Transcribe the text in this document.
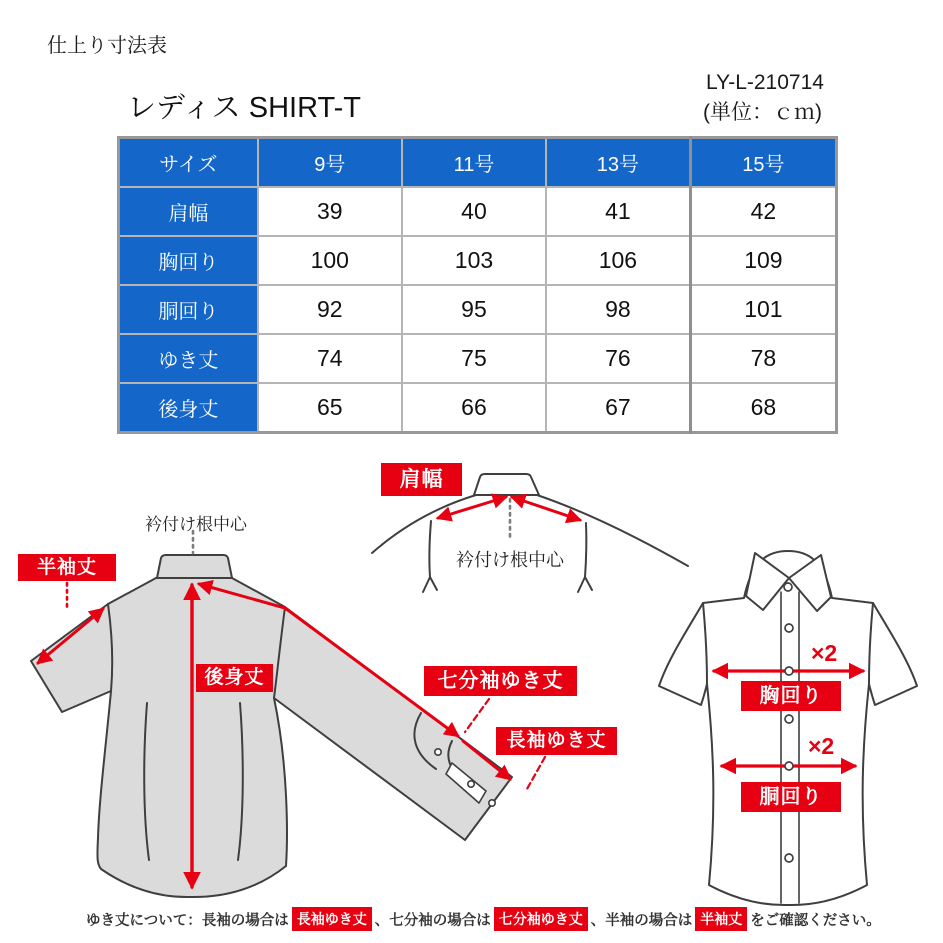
仕上り寸法表
レディス SHIRT-T
LY-L-210714
(単位：ｃｍ)
サイズ	9号	11号	13号	15号
肩幅	39	40	41	42
胸回り	100	103	106	109
胴回り	92	95	98	101
ゆき丈	74	75	76	78
後身丈	65	66	67	68
衿付け根中心
半袖丈
後身丈	七分袖ゆき丈
長袖ゆき丈
肩幅
衿付け根中心
×2
胸回り
×2
胴回り
ゆき丈について：長袖の場合は 長袖ゆき丈 、七分袖の場合は 七分袖ゆき丈 、半袖の場合は 半袖丈 をご確認ください。
